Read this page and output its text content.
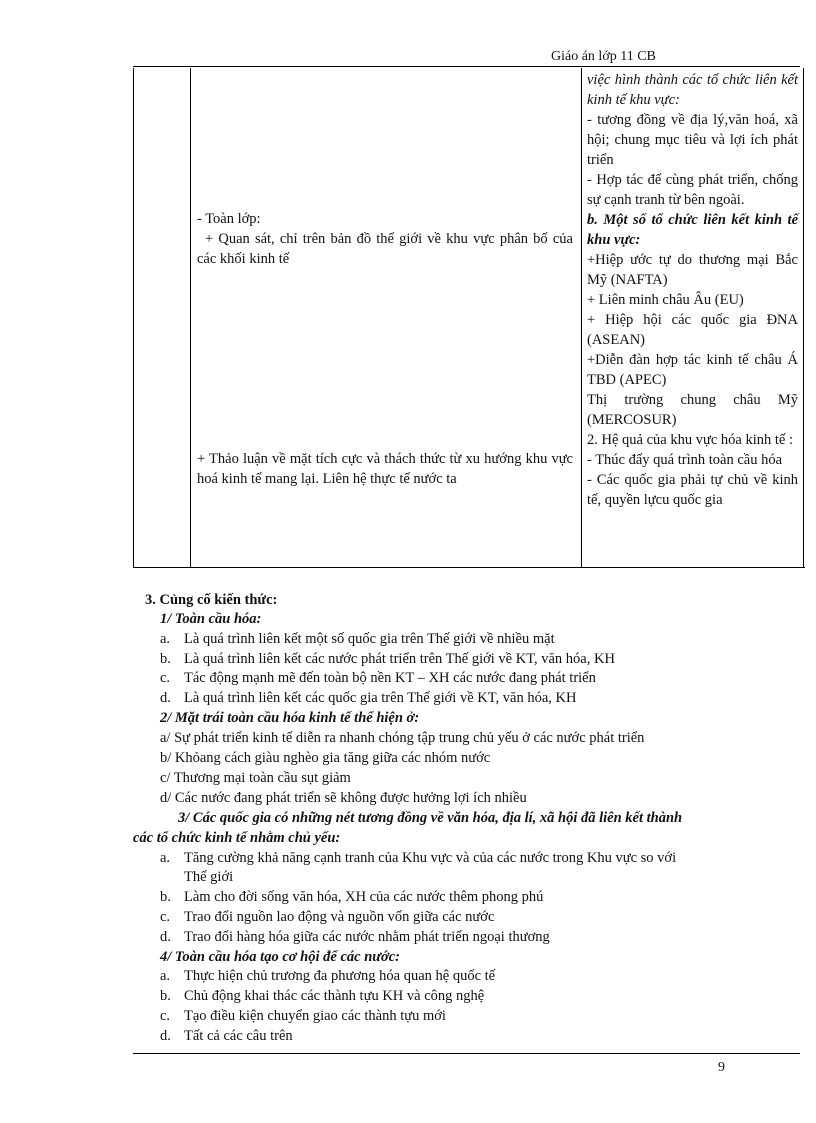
Giáo án lớp 11 CB

- Toàn lớp:

+ Quan sát, chỉ trên bản đồ thế giới về khu vực phân bố của các khối kinh tế

+ Thảo luận về mặt tích cực và thách thức từ xu hướng khu vực hoá kinh tế mang lại. Liên hệ thực tế nước ta

việc hình thành các tổ chức liên kết kinh tế khu vực:

- tương đồng về địa lý,văn hoá, xã hội; chung mục tiêu và lợi ích phát triển

- Hợp tác để cùng phát triển, chống sự cạnh tranh từ bên ngoài.

b. Một số tổ chức liên kết kinh tế khu vực:

+Hiệp ước tự do thương mại Bắc Mỹ (NAFTA)

+ Liên minh châu Âu (EU)

+ Hiệp hội các quốc gia ĐNA (ASEAN)

+Diễn đàn hợp tác kinh tế châu Á TBD (APEC)

Thị trường chung châu Mỹ (MERCOSUR)

2. Hệ quả của khu vực hóa kinh tế :

- Thúc đẩy quá trình toàn cầu hóa

- Các quốc gia phải tự chủ về kinh tế, quyền lựcu quốc gia

3. Củng cố kiến thức:
1/ Toàn cầu hóa:
a. Là quá trình liên kết một số quốc gia trên Thế giới về nhiều mặt
b. Là quá trình liên kết các nước phát triển trên Thế giới về KT, văn hóa, KH
c. Tác động mạnh mẽ đến toàn bộ nền KT – XH các nước đang phát triển
d. Là quá trình liên kết các quốc gia trên Thế giới về KT, văn hóa, KH
2/ Mặt trái toàn cầu hóa kinh tế thể hiện ở:
a/ Sự phát triển kinh tế diễn ra nhanh chóng tập trung chủ yếu ở các nước phát triển
b/ Khỏang cách giàu nghèo gia tăng giữa các nhóm nước
c/ Thương mại toàn cầu sụt giảm
d/ Các nước đang phát triển sẽ không được hưởng lợi ích nhiều
3/ Các quốc gia có những nét tương đồng về văn hóa, địa lí, xã hội đã liên kết thành
các tổ chức kinh tế nhằm chủ yếu:
a. Tăng cường khả năng cạnh tranh của Khu vực và của các nước trong Khu vực so với
Thế giới
b. Làm cho đời sống văn hóa, XH của các nước thêm phong phú
c. Trao đổi nguồn lao động và nguồn vốn giữa các nước
d. Trao đổi hàng hóa giữa các nước nhằm phát triển ngoại thương
4/ Toàn cầu hóa tạo cơ hội để các nước:
a. Thực hiện chủ trương đa phương hóa quan hệ quốc tế
b. Chủ động khai thác các thành tựu KH và công nghệ
c. Tạo điều kiện chuyển giao các thành tựu mới
d. Tất cả các câu trên
9
